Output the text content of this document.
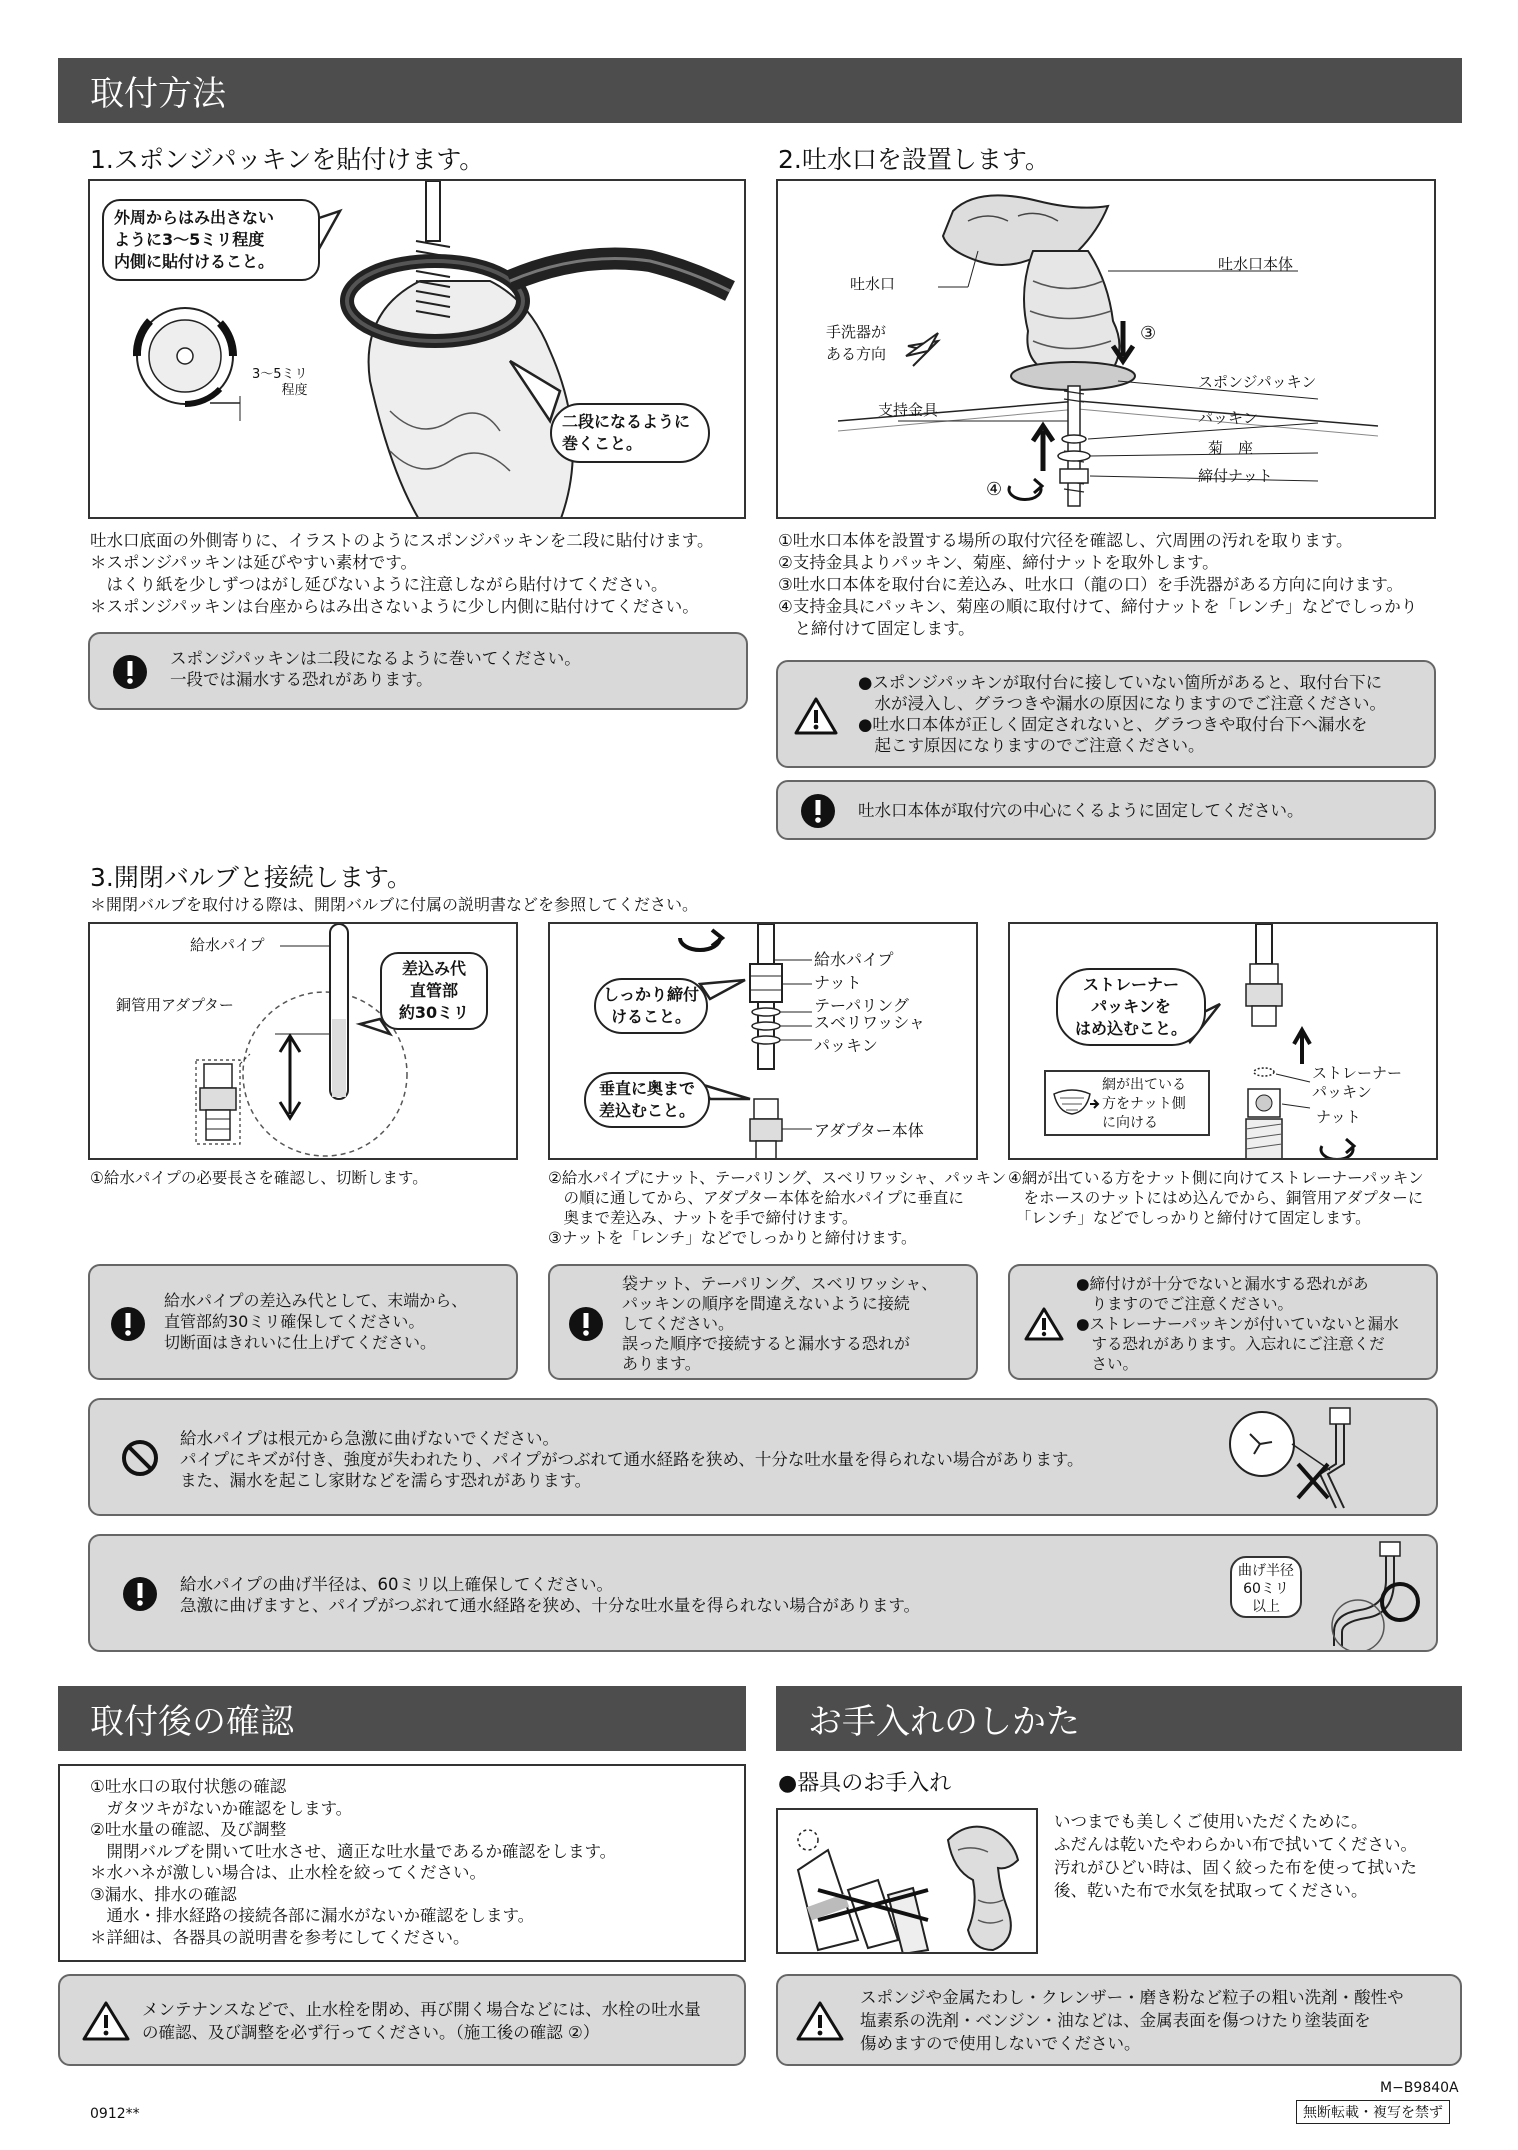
取付方法
1.スポンジパッキンを貼付けます。
外周からはみ出さない
ように3～5ミリ程度
内側に貼付けること。
3～5ミリ
程度
二段になるように
巻くこと。
吐水口底面の外側寄りに、イラストのようにスポンジパッキンを二段に貼付けます。
＊スポンジパッキンは延びやすい素材です。
　はくり紙を少しずつはがし延びないように注意しながら貼付けてください。
＊スポンジパッキンは台座からはみ出さないように少し内側に貼付けてください。
スポンジパッキンは二段になるように巻いてください。
一段では漏水する恐れがあります。
2.吐水口を設置します。
吐水口
吐水口本体
手洗器が
ある方向
③
スポンジパッキン
支持金具	パッキン
菊　座
締付ナット
④
①吐水口本体を設置する場所の取付穴径を確認し、穴周囲の汚れを取ります。
②支持金具よりパッキン、菊座、締付ナットを取外します。
③吐水口本体を取付台に差込み、吐水口（龍の口）を手洗器がある方向に向けます。
④支持金具にパッキン、菊座の順に取付けて、締付ナットを「レンチ」などでしっかり
　と締付けて固定します。
●スポンジパッキンが取付台に接していない箇所があると、取付台下に
　水が浸入し、グラつきや漏水の原因になりますのでご注意ください。
●吐水口本体が正しく固定されないと、グラつきや取付台下へ漏水を
　起こす原因になりますのでご注意ください。
吐水口本体が取付穴の中心にくるように固定してください。
3.開閉バルブと接続します。
＊開閉バルブを取付ける際は、開閉バルブに付属の説明書などを参照してください。
給水パイプ
銅管用アダプター
差込み代
直管部
約30ミリ
給水パイプ
ナット
テーパリング
スベリワッシャ
パッキン
アダプター本体
しっかり締付
けること。
垂直に奥まで
差込むこと。
ストレーナー
パッキンを
はめ込むこと。
ストレーナー
パッキン
ナット
網が出ている
方をナット側
に向ける
①給水パイプの必要長さを確認し、切断します。	②給水パイプにナット、テーパリング、スベリワッシャ、パッキン
　の順に通してから、アダプター本体を給水パイプに垂直に
　奥まで差込み、ナットを手で締付けます。
③ナットを「レンチ」などでしっかりと締付けます。
④網が出ている方をナット側に向けてストレーナーパッキン
　をホースのナットにはめ込んでから、銅管用アダプターに
　「レンチ」などでしっかりと締付けて固定します。
給水パイプの差込み代として、末端から、
直管部約30ミリ確保してください。
切断面はきれいに仕上げてください。
袋ナット、テーパリング、スベリワッシャ、
パッキンの順序を間違えないように接続
してください。
誤った順序で接続すると漏水する恐れが
あります。
●締付けが十分でないと漏水する恐れがあ
　りますのでご注意ください。
●ストレーナーパッキンが付いていないと漏水
　する恐れがあります。入忘れにご注意くだ
　さい。
給水パイプは根元から急激に曲げないでください。
パイプにキズが付き、強度が失われたり、パイプがつぶれて通水経路を狭め、十分な吐水量を得られない場合があります。
また、漏水を起こし家財などを濡らす恐れがあります。
給水パイプの曲げ半径は、60ミリ以上確保してください。
急激に曲げますと、パイプがつぶれて通水経路を狭め、十分な吐水量を得られない場合があります。
曲げ半径
60ミリ
以上
取付後の確認
①吐水口の取付状態の確認
　ガタツキがないか確認をします。
②吐水量の確認、及び調整
　開閉バルブを開いて吐水させ、適正な吐水量であるか確認をします。
＊水ハネが激しい場合は、止水栓を絞ってください。
③漏水、排水の確認
　通水・排水経路の接続各部に漏水がないか確認をします。
＊詳細は、各器具の説明書を参考にしてください。
メンテナンスなどで、止水栓を閉め、再び開く場合などには、水栓の吐水量
の確認、及び調整を必ず行ってください。（施工後の確認 ②）
お手入れのしかた
●器具のお手入れ
いつまでも美しくご使用いただくために。
ふだんは乾いたやわらかい布で拭いてください。
汚れがひどい時は、固く絞った布を使って拭いた
後、乾いた布で水気を拭取ってください。
スポンジや金属たわし・クレンザー・磨き粉など粒子の粗い洗剤・酸性や
塩素系の洗剤・ベンジン・油などは、金属表面を傷つけたり塗装面を
傷めますので使用しないでください。
0912**
M−B9840A
無断転載・複写を禁ず
